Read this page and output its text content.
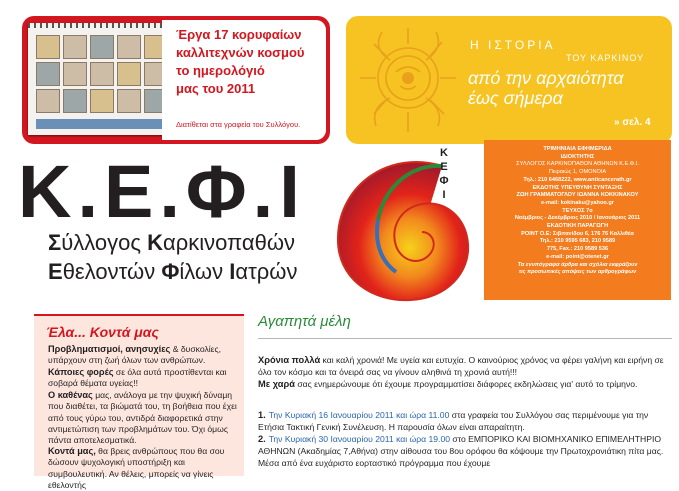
Έργα 17 κορυφαίων
καλλιτεχνών κοσμού
το ημερολόγιό
μας του 2011
Διατίθεται στα γραφεία του Συλλόγου.
Η ΙΣΤΟΡΙΑ
ΤΟΥ ΚΑΡΚΙΝΟΥ
από την αρχαιότητα
έως σήμερα
» σελ. 4
Κ.Ε.Φ.Ι
Σύλλογος Καρκινοπαθών
Εθελοντών Φίλων Ιατρών
Κ
Ε
Φ
Ι
ΤΡΙΜΗΝΙΑΙΑ ΕΦΗΜΕΡΙΔΑ
ΙΔΙΟΚΤΗΤΗΣ
ΣΥΛΛΟΓΟΣ ΚΑΡΚΙΝΟΠΑΘΩΝ ΑΘΗΝΩΝ Κ.Ε.Φ.Ι.
Πειραιώς 1, ΟΜΟΝΟΙΑ
Τηλ.: 210 6468222, www.anticancerath.gr
ΕΚΔΟΤΗΣ ΥΠΕΥΘΥΝΗ ΣΥΝΤΑΞΗΣ
ΖΩΗ ΓΡΑΜΜΑΤΟΓΛΟΥ ΙΩΑΝΝΑ ΚΟΚΚΙΝΑΚΟΥ
e-mail: kokinaku@yahoo.gr
ΤΕΥΧΟΣ 7ο
Νοέμβριος - Δεκέμβριος 2010 / Ιανουάριος 2011
ΕΚΔΟΤΙΚΗ ΠΑΡΑΓΩΓΗ
POINT O.E: Σιβιτανίδου 6, 176 76 Καλλιθέα
Τηλ.: 210 9595 683, 210 9589
775, Fax.: 210 9589 536
e-mail: point@otenet.gr
Τα ενυπόγραφα άρθρα και σχόλια εκφράζουν
τις προσωπικές απόψεις των αρθρογράφων
Έλα... Κοντά μας
Προβληματισμοί, ανησυχίες & δυσκολίες, υπάρχουν στη ζωή όλων των ανθρώπων.
Κάποιες φορές σε όλα αυτά προστίθενται και σοβαρά θέματα υγείας!!
Ο καθένας μας, ανάλογα με την ψυχική δύναμη που διαθέτει, τα βιώματά του, τη βοήθεια που έχει από τους γύρω του, αντιδρά διαφορετικά στην αντιμετώπιση των προβλημάτων του. Όχι όμως πάντα αποτελεσματικά.
Κοντά μας, θα βρεις ανθρώπους που θα σου δώσουν ψυχολογική υποστήριξη και συμβουλευτική. Αν θέλεις, μπορείς να γίνεις εθελοντής
Αγαπητά μέλη
Χρόνια πολλά και καλή χρονιά! Με υγεία και ευτυχία. Ο καινούριος χρόνος να φέρει γαλήνη και ειρήνη σε όλο τον κόσμο και τα όνειρά σας να γίνουν αληθινά τη χρονιά αυτή!!!
Με χαρά σας ενημερώνουμε ότι έχουμε προγραμματίσει διάφορες εκδηλώσεις για' αυτό το τρίμηνο.
1. Την Κυριακή 16 Ιανουαρίου 2011 και ώρα 11.00 στα γραφεία του Συλλόγου σας περιμένουμε για την Ετήσια Τακτική Γενική Συνέλευση. Η παρουσία όλων είναι απαραίτητη.
2. Την Κυριακή 30 Ιανουαρίου 2011 και ώρα 19.00 στο ΕΜΠΟΡΙΚΟ ΚΑΙ ΒΙΟΜΗΧΑΝΙΚΟ ΕΠΙΜΕΛΗΤΗΡΙΟ ΑΘΗΝΩΝ (Ακαδημίας 7,Αθήνα) στην αίθουσα του 8ου ορόφου θα κόψουμε την Πρωτοχρονιάτικη πίτα μας. Μέσα από ένα ευχάριστο εορταστικό πρόγραμμα που έχουμε
